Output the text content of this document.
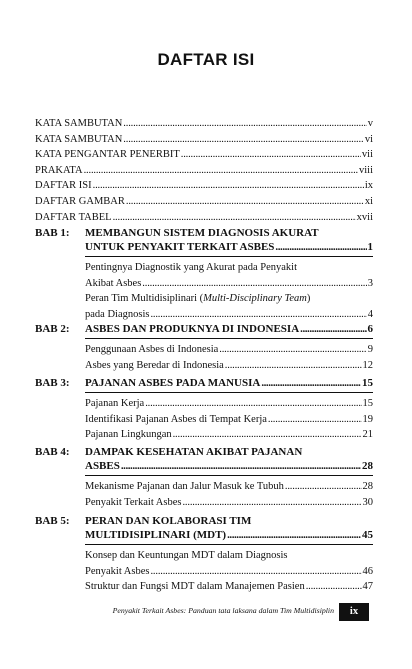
DAFTAR ISI
KATA SAMBUTAN . . .	v
KATA SAMBUTAN . . .	vi
KATA PENGANTAR PENERBIT . . .	vii
PRAKATA . . .	viii
DAFTAR ISI . . .	ix
DAFTAR GAMBAR . . .	xi
DAFTAR TABEL . . .	xvii
BAB 1:	MEMBANGUN SISTEM DIAGNOSIS AKURAT
UNTUK PENYAKIT TERKAIT ASBES . . .	1
Pentingnya Diagnostik yang Akurat pada Penyakit
Akibat Asbes . . .	3
Peran Tim Multidisiplinari (Multi-Disciplinary Team)
pada Diagnosis . . .	4
BAB 2:	ASBES DAN PRODUKNYA DI INDONESIA . . .	6
Penggunaan Asbes di Indonesia . . .	9
Asbes yang Beredar di Indonesia . . .	12
BAB 3:	PAJANAN ASBES PADA MANUSIA . . .	15
Pajanan Kerja . . .	15
Identifikasi Pajanan Asbes di Tempat Kerja . . .	19
Pajanan Lingkungan . . .	21
BAB 4:	DAMPAK KESEHATAN AKIBAT PAJANAN
ASBES . . .	28
Mekanisme Pajanan dan Jalur Masuk ke Tubuh . . .	28
Penyakit Terkait Asbes . . .	30
BAB 5:	PERAN DAN KOLABORASI TIM
MULTIDISIPLINARI (MDT) . . .	45
Konsep dan Keuntungan MDT dalam Diagnosis
Penyakit Asbes . . .	46
Struktur dan Fungsi MDT dalam Manajemen Pasien . . .	47
Penyakit Terkait Asbes: Panduan tata laksana dalam Tim Multidisiplin	ix
